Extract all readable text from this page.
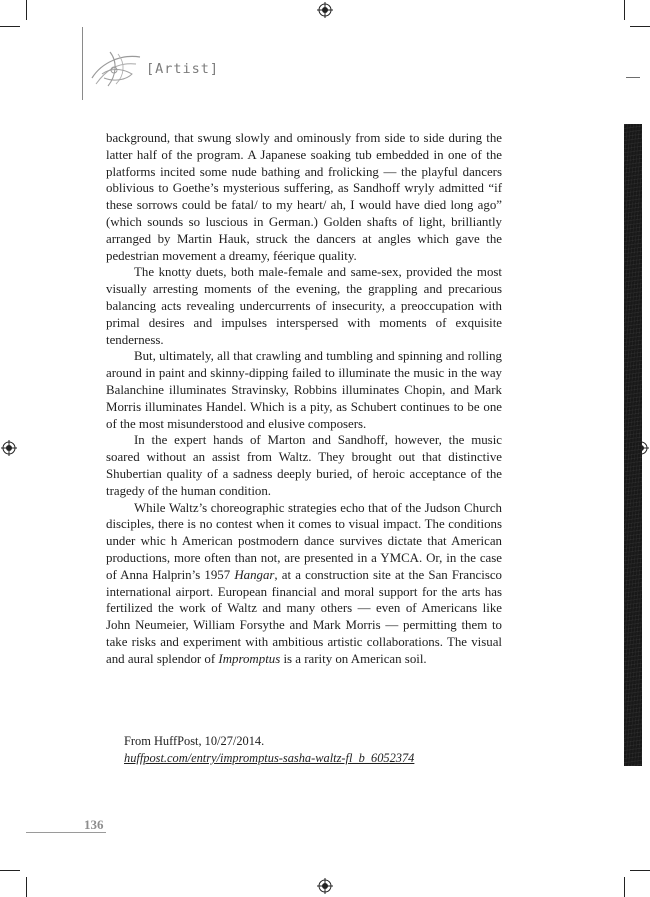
[Artist]

background, that swung slowly and ominously from side to side during the latter half of the program. A Japanese soaking tub embedded in one of the platforms incited some nude bathing and frolicking — the playful dancers oblivious to Goethe’s mysterious suffering, as Sandhoff wryly admitted “if these sorrows could be fatal/ to my heart/ ah, I would have died long ago” (which sounds so luscious in German.) Golden shafts of light, brilliantly arranged by Martin Hauk, struck the dancers at angles which gave the pedestrian movement a dreamy, féerique quality.

The knotty duets, both male-female and same-sex, provided the most visually arresting moments of the evening, the grappling and precarious balancing acts revealing undercurrents of insecurity, a preoccupation with primal desires and impulses interspersed with moments of exquisite tenderness.

But, ultimately, all that crawling and tumbling and spinning and rolling around in paint and skinny-dipping failed to illuminate the music in the way Balanchine illuminates Stravinsky, Robbins illuminates Chopin, and Mark Morris illuminates Handel. Which is a pity, as Schubert continues to be one of the most misunderstood and elusive composers.

In the expert hands of Marton and Sandhoff, however, the music soared without an assist from Waltz. They brought out that distinctive Shubertian quality of a sadness deeply buried, of heroic acceptance of the tragedy of the human condition.

While Waltz’s choreographic strategies echo that of the Judson Church disciples, there is no contest when it comes to visual impact. The conditions under whic h American postmodern dance survives dictate that American productions, more often than not, are presented in a YMCA. Or, in the case of Anna Halprin’s 1957 Hangar, at a construction site at the San Francisco international airport. European financial and moral support for the arts has fertilized the work of Waltz and many others — even of Americans like John Neumeier, William Forsythe and Mark Morris — permitting them to take risks and experiment with ambitious artistic collaborations. The visual and aural splendor of Impromptus is a rarity on American soil.

From HuffPost, 10/27/2014.
huffpost.com/entry/impromptus-sasha-waltz-fl_b_6052374
136
